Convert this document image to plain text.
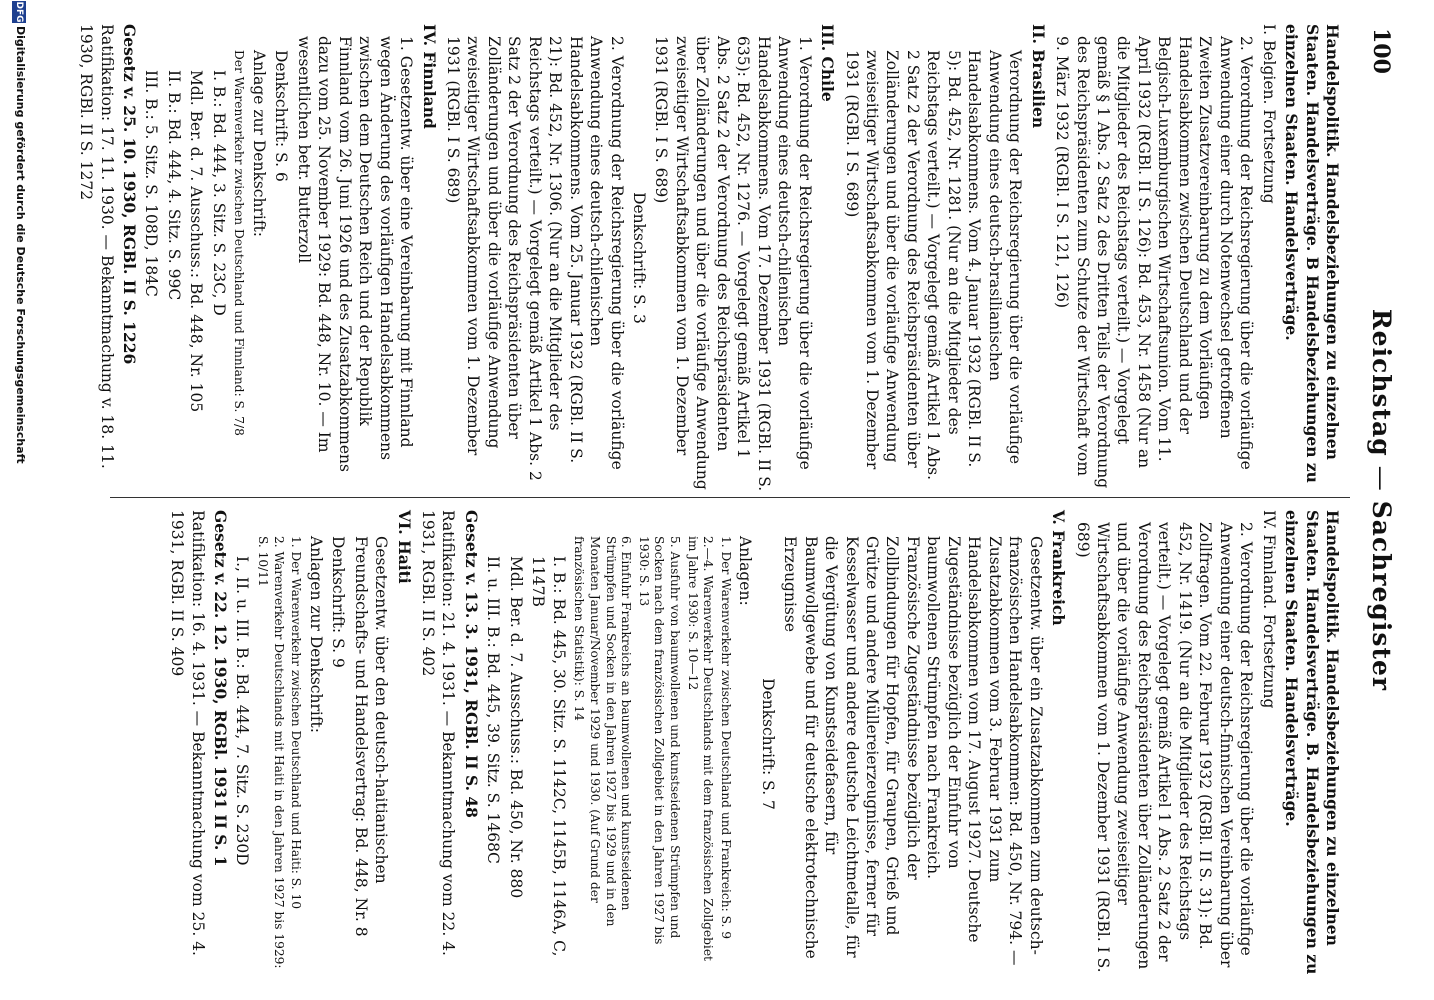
100
Reichstag — Sachregister

Handelspolitik. Handelsbeziehungen zu einzelnen Staaten. Handelsverträge. B Handelsbeziehungen zu einzelnen Staaten. Handelsverträge.

I. Belgien. Fortsetzung

2. Verordnung der Reichsregierung über die vorläufige Anwendung einer durch Notenwechsel getroffenen Zweiten Zusatzvereinbarung zu dem Vorläufigen Handelsabkommen zwischen Deutschland und der Belgisch-Luxemburgischen Wirtschaftsunion. Vom 11. April 1932 (RGBl. II S. 126): Bd. 453, Nr. 1458 (Nur an die Mitglieder des Reichstags verteilt.) — Vorgelegt gemäß § 1 Abs. 2 Satz 2 des Dritten Teils der Verordnung des Reichspräsidenten zum Schutze der Wirtschaft vom 9. März 1932 (RGBl. I S. 121, 126)

II. Brasilien

Verordnung der Reichsregierung über die vorläufige Anwendung eines deutsch-brasilianischen Handelsabkommens. Vom 4. Januar 1932 (RGBl. II S. 5): Bd. 452, Nr. 1281. (Nur an die Mitglieder des Reichstags verteilt.) — Vorgelegt gemäß Artikel 1 Abs. 2 Satz 2 der Verordnung des Reichspräsidenten über Zolländerungen und über die vorläufige Anwendung zweiseitiger Wirtschaftsabkommen vom 1. Dezember 1931 (RGBl. I S. 689)

III. Chile

1. Verordnung der Reichsregierung über die vorläufige Anwendung eines deutsch-chilenischen Handelsabkommens. Vom 17. Dezember 1931 (RGBl. II S. 635): Bd. 452, Nr. 1276. — Vorgelegt gemäß Artikel 1 Abs. 2 Satz 2 der Verordnung des Reichspräsidenten über Zolländerungen und über die vorläufige Anwendung zweiseitiger Wirtschaftsabkommen vom 1. Dezember 1931 (RGBl. I S. 689)

Denkschrift: S. 3

2. Verordnung der Reichsregierung über die vorläufige Anwendung eines deutsch-chilenischen Handelsabkommens. Vom 25. Januar 1932 (RGBl. II S. 21): Bd. 452, Nr. 1306. (Nur an die Mitglieder des Reichstags verteilt.) — Vorgelegt gemäß Artikel 1 Abs. 2 Satz 2 der Verordnung des Reichspräsidenten über Zolländerungen und über die vorläufige Anwendung zweiseitiger Wirtschaftsabkommen vom 1. Dezember 1931 (RGBl. I S. 689)

IV. Finnland

1. Gesetzentw. über eine Vereinbarung mit Finnland wegen Änderung des vorläufigen Handelsabkommens zwischen dem Deutschen Reich und der Republik Finnland vom 26. Juni 1926 und des Zusatzabkommens dazu vom 25. November 1929: Bd. 448, Nr. 10. — Im wesentlichen betr. Butterzoll

Denkschrift: S. 6

Anlage zur Denkschrift:

Der Warenverkehr zwischen Deutschland und Finnland: S. 7/8

I. B.: Bd. 444, 3. Sitz. S. 23C, D

Mdl. Ber. d. 7. Ausschuss.: Bd. 448, Nr. 105

II. B.: Bd. 444, 4. Sitz. S. 99C

III. B.: 5. Sitz. S. 108D, 184C

Gesetz v. 25. 10. 1930, RGBl. II S. 1226

Ratifikation: 17. 11. 1930. — Bekanntmachung v. 18. 11. 1930, RGBl. II S. 1272

Handelspolitik. Handelsbeziehungen zu einzelnen Staaten. Handelsverträge. B. Handelsbeziehungen zu einzelnen Staaten. Handelsverträge.

IV. Finnland. Fortsetzung

2. Verordnung der Reichsregierung über die vorläufige Anwendung einer deutsch-finnischen Vereinbarung über Zollfragen. Vom 22. Februar 1932 (RGBl. II S. 31): Bd. 452, Nr. 1419. (Nur an die Mitglieder des Reichstags verteilt.) — Vorgelegt gemäß Artikel 1 Abs. 2 Satz 2 der Verordnung des Reichspräsidenten über Zolländerungen und über die vorläufige Anwendung zweiseitiger Wirtschaftsabkommen vom 1. Dezember 1931 (RGBl. I S. 689)

V. Frankreich

Gesetzentw. über ein Zusatzabkommen zum deutsch-französischen Handelsabkommen: Bd. 450, Nr. 794. — Zusatzabkommen vom 3. Februar 1931 zum Handelsabkommen vom 17. August 1927. Deutsche Zugeständnisse bezüglich der Einfuhr von baumwollenen Strümpfen nach Frankreich. Französische Zugeständnisse bezüglich der Zollbindungen für Hopfen, für Graupen, Grieß und Grütze und andere Müllereierzeugnisse, ferner für Kesselwasser und andere deutsche Leichtmetalle, für die Vergütung von Kunstseidefasern, für Baumwollgewebe und für deutsche elektrotechnische Erzeugnisse

Denkschrift: S. 7

Anlagen:

1. Der Warenverkehr zwischen Deutschland und Frankreich: S. 9

2.—4. Warenverkehr Deutschlands mit dem französischen Zollgebiet im Jahre 1930: S. 10—12

5. Ausfuhr von baumwollenen und kunstseidenen Strümpfen und Socken nach dem französischen Zollgebiet in den Jahren 1927 bis 1930: S. 13

6. Einfuhr Frankreichs an baumwollenen und kunstseidenen Strümpfen und Socken in den Jahren 1927 bis 1929 und in den Monaten Januar/November 1929 und 1930. (Auf Grund der französischen Statistik): S. 14

I. B.: Bd. 445, 30. Sitz. S. 1142C, 1145B, 1146A, C, 1147B

Mdl. Ber. d. 7. Ausschuss.: Bd. 450, Nr. 880

II. u. III. B.: Bd. 445, 39. Sitz. S. 1468C

Gesetz v. 13. 3. 1931, RGBl. II S. 48

Ratifikation: 21. 4. 1931. — Bekanntmachung vom 22. 4. 1931, RGBl. II S. 402

VI. Haiti

Gesetzentw. über den deutsch-haitianischen Freundschafts- und Handelsvertrag: Bd. 448, Nr. 8

Denkschrift: S. 9

Anlagen zur Denkschrift:

1. Der Warenverkehr zwischen Deutschland und Haiti: S. 10

2. Warenverkehr Deutschlands mit Haiti in den Jahren 1927 bis 1929: S. 10/11

I., II. u. III. B.: Bd. 444, 7. Sitz. S. 230D

Gesetz v. 22. 12. 1930, RGBl. 1931 II S. 1

Ratifikation: 16. 4. 1931. — Bekanntmachung vom 25. 4. 1931, RGBl. II S. 409

DFG
Digitalisierung gefördert durch die Deutsche Forschungsgemeinschaft
